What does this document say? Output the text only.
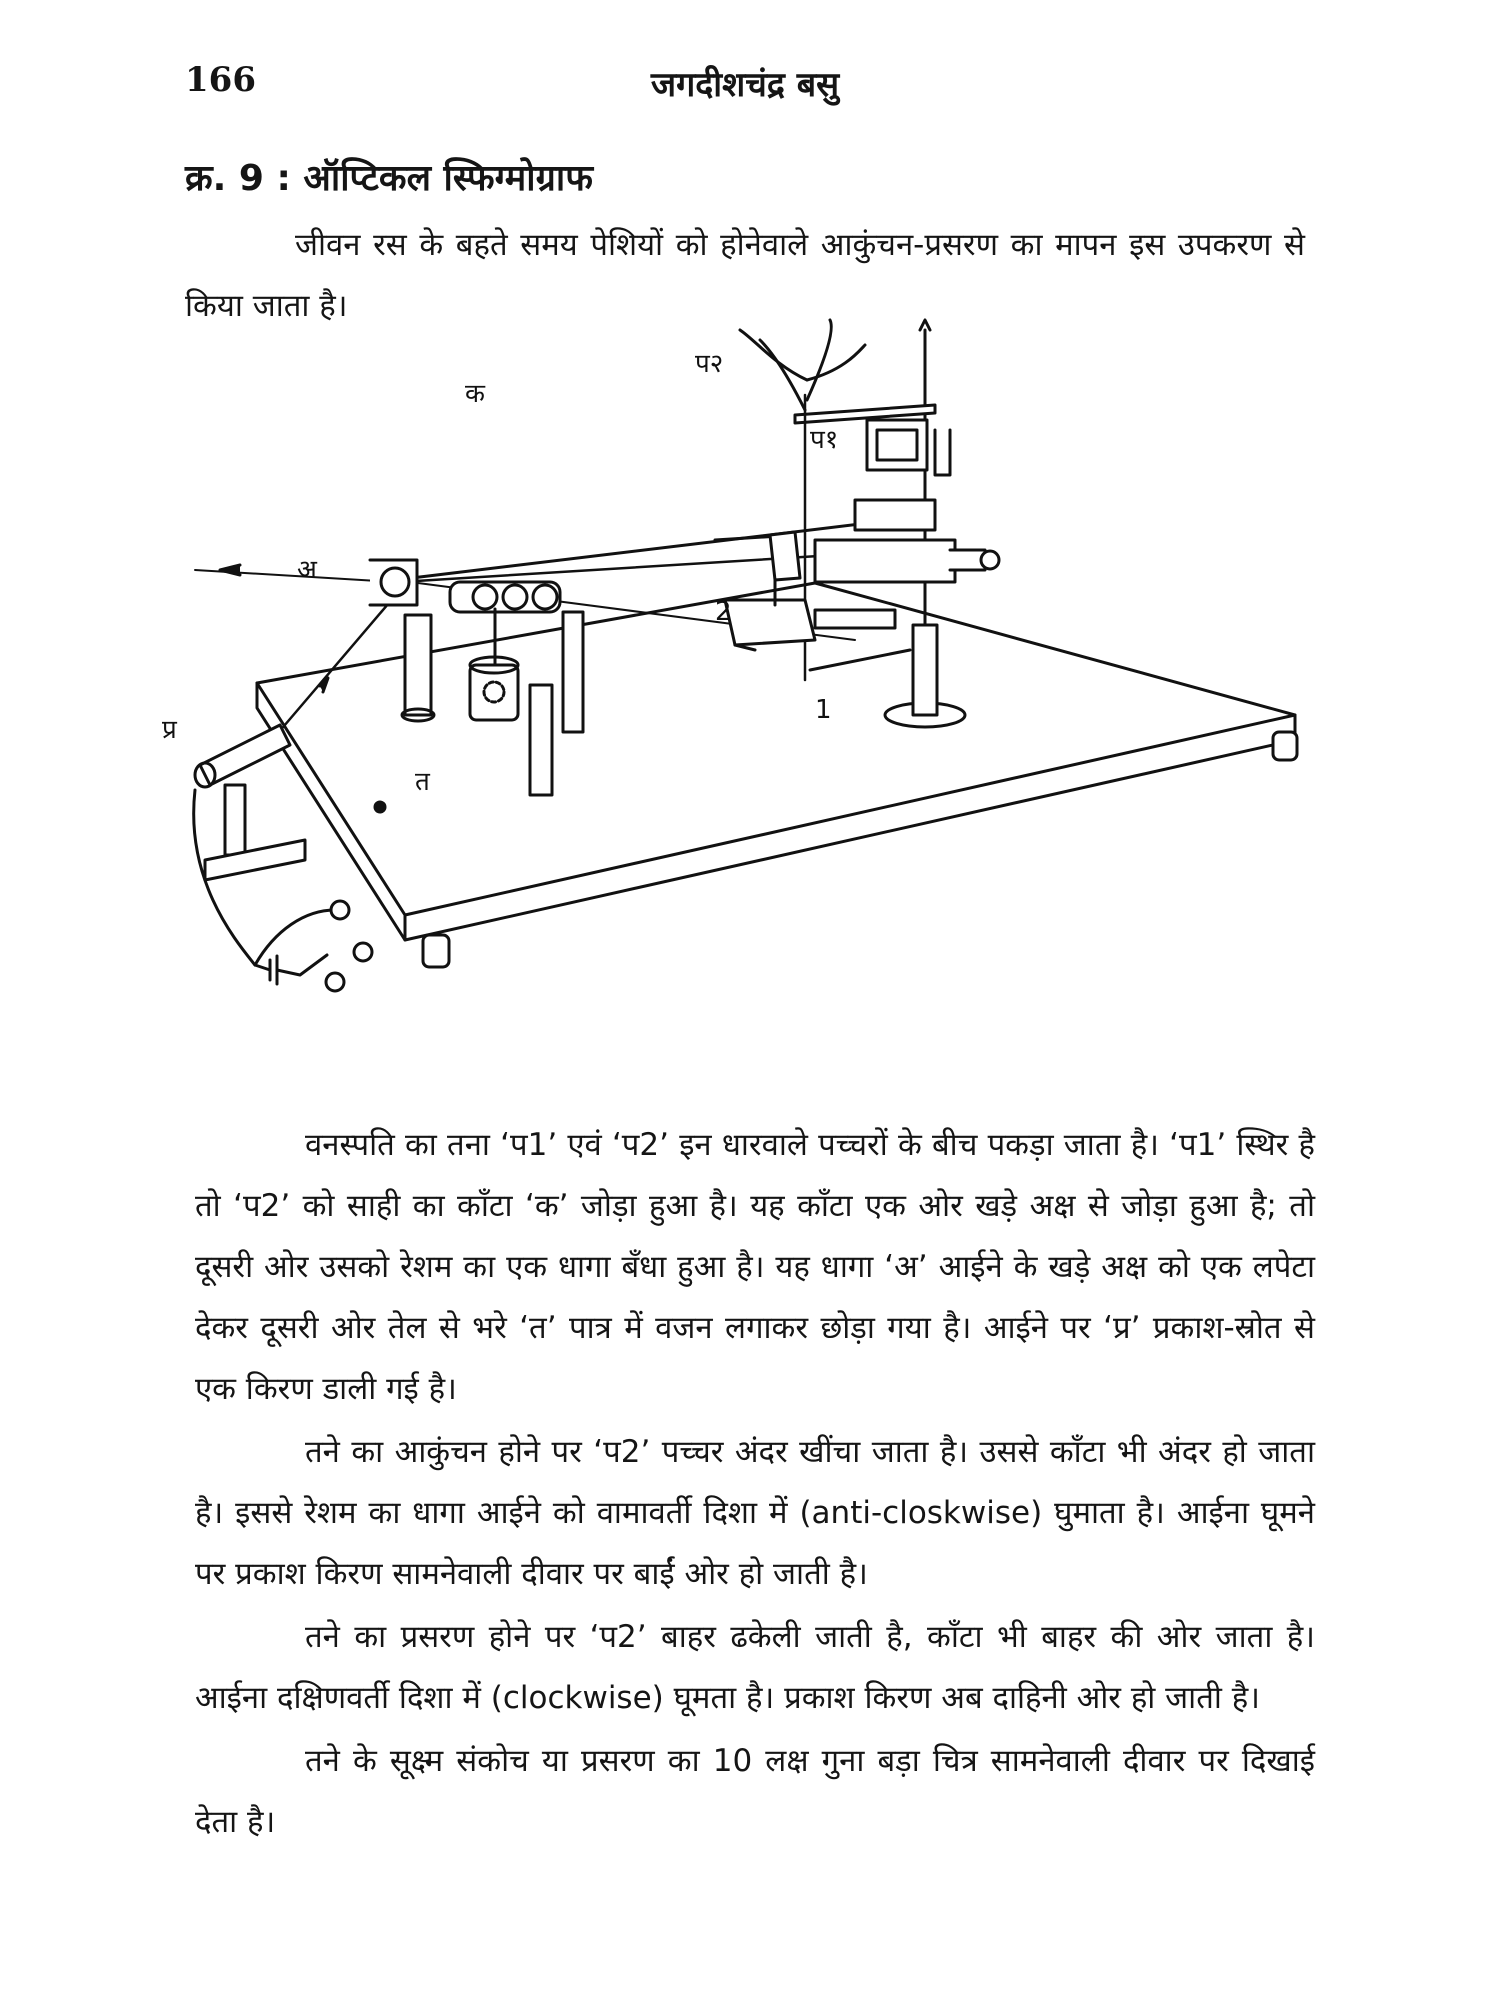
166	जगदीशचंद्र बसु
क्र. 9 : ऑप्टिकल स्फिग्मोग्राफ

जीवन रस के बहते समय पेशियों को होनेवाले आकुंचन-प्रसरण का मापन इस उपकरण से किया जाता है।

क
प२
प१
अ
प्र
त
1
2

वनस्पति का तना ‘प1’ एवं ‘प2’ इन धारवाले पच्चरों के बीच पकड़ा जाता है। ‘प1’ स्थिर है तो ‘प2’ को साही का काँटा ‘क’ जोड़ा हुआ है। यह काँटा एक ओर खड़े अक्ष से जोड़ा हुआ है; तो दूसरी ओर उसको रेशम का एक धागा बँधा हुआ है। यह धागा ‘अ’ आईने के खड़े अक्ष को एक लपेटा देकर दूसरी ओर तेल से भरे ‘त’ पात्र में वजन लगाकर छोड़ा गया है। आईने पर ‘प्र’ प्रकाश-स्रोत से एक किरण डाली गई है।

तने का आकुंचन होने पर ‘प2’ पच्चर अंदर खींचा जाता है। उससे काँटा भी अंदर हो जाता है। इससे रेशम का धागा आईने को वामावर्ती दिशा में (anti-closkwise) घुमाता है। आईना घूमने पर प्रकाश किरण सामनेवाली दीवार पर बाईं ओर हो जाती है।

तने का प्रसरण होने पर ‘प2’ बाहर ढकेली जाती है, काँटा भी बाहर की ओर जाता है। आईना दक्षिणवर्ती दिशा में (clockwise) घूमता है। प्रकाश किरण अब दाहिनी ओर हो जाती है।

तने के सूक्ष्म संकोच या प्रसरण का 10 लक्ष गुना बड़ा चित्र सामनेवाली दीवार पर दिखाई देता है।
